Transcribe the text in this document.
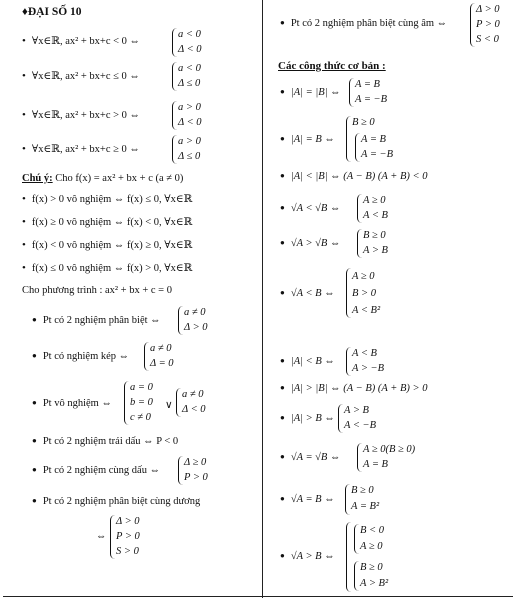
♦ĐẠI SỐ 10
• ∀x∈ℝ, ax² + bx+c < 0 ⇔
a < 0
Δ < 0
• ∀x∈ℝ, ax² + bx+c ≤ 0 ⇔
a < 0
Δ ≤ 0
• ∀x∈ℝ, ax² + bx+c > 0 ⇔
a > 0
Δ < 0
• ∀x∈ℝ, ax² + bx+c ≥ 0 ⇔
a > 0
Δ ≤ 0
Chú ý: Cho f(x) = ax² + bx + c (a ≠ 0)
• f(x) > 0 vô nghiệm ⇔ f(x) ≤ 0, ∀x∈ℝ
• f(x) ≥ 0 vô nghiệm ⇔ f(x) < 0, ∀x∈ℝ
• f(x) < 0 vô nghiệm ⇔ f(x) ≥ 0, ∀x∈ℝ
• f(x) ≤ 0 vô nghiệm ⇔ f(x) > 0, ∀x∈ℝ
Cho phương trình : ax² + bx + c = 0
● Pt có 2 nghiệm phân biệt ⇔
a ≠ 0
Δ > 0
● Pt có nghiệm kép ⇔
a ≠ 0
Δ = 0
● Pt vô nghiệm ⇔
a = 0
b = 0
c ≠ 0
∨
a ≠ 0
Δ < 0
● Pt có 2 nghiệm trái dấu ⇔ P < 0
● Pt có 2 nghiệm cùng dấu ⇔
Δ ≥ 0
P > 0
● Pt có 2 nghiệm phân biệt cùng dương
⇔
Δ > 0
P > 0
S > 0
● Pt có 2 nghiệm phân biệt cùng âm ⇔
Δ > 0
P > 0
S < 0
Các công thức cơ bản :
● |A| = |B| ⇔
A = B
A = −B
● |A| = B ⇔
B ≥ 0
A = B
A = −B
● |A| < |B| ⇔ (A − B) (A + B) < 0
● √A < √B ⇔
A ≥ 0
A < B
● √A > √B ⇔
B ≥ 0
A > B
● √A < B ⇔
A ≥ 0
B > 0
A < B²
● |A| < B ⇔
A < B
A > −B
● |A| > |B| ⇔ (A − B) (A + B) > 0
● |A| > B ⇔
A > B
A < −B
● √A = √B ⇔
A ≥ 0(B ≥ 0)
A = B
● √A = B ⇔
B ≥ 0
A = B²
● √A > B ⇔
B < 0
A ≥ 0
B ≥ 0
A > B²
